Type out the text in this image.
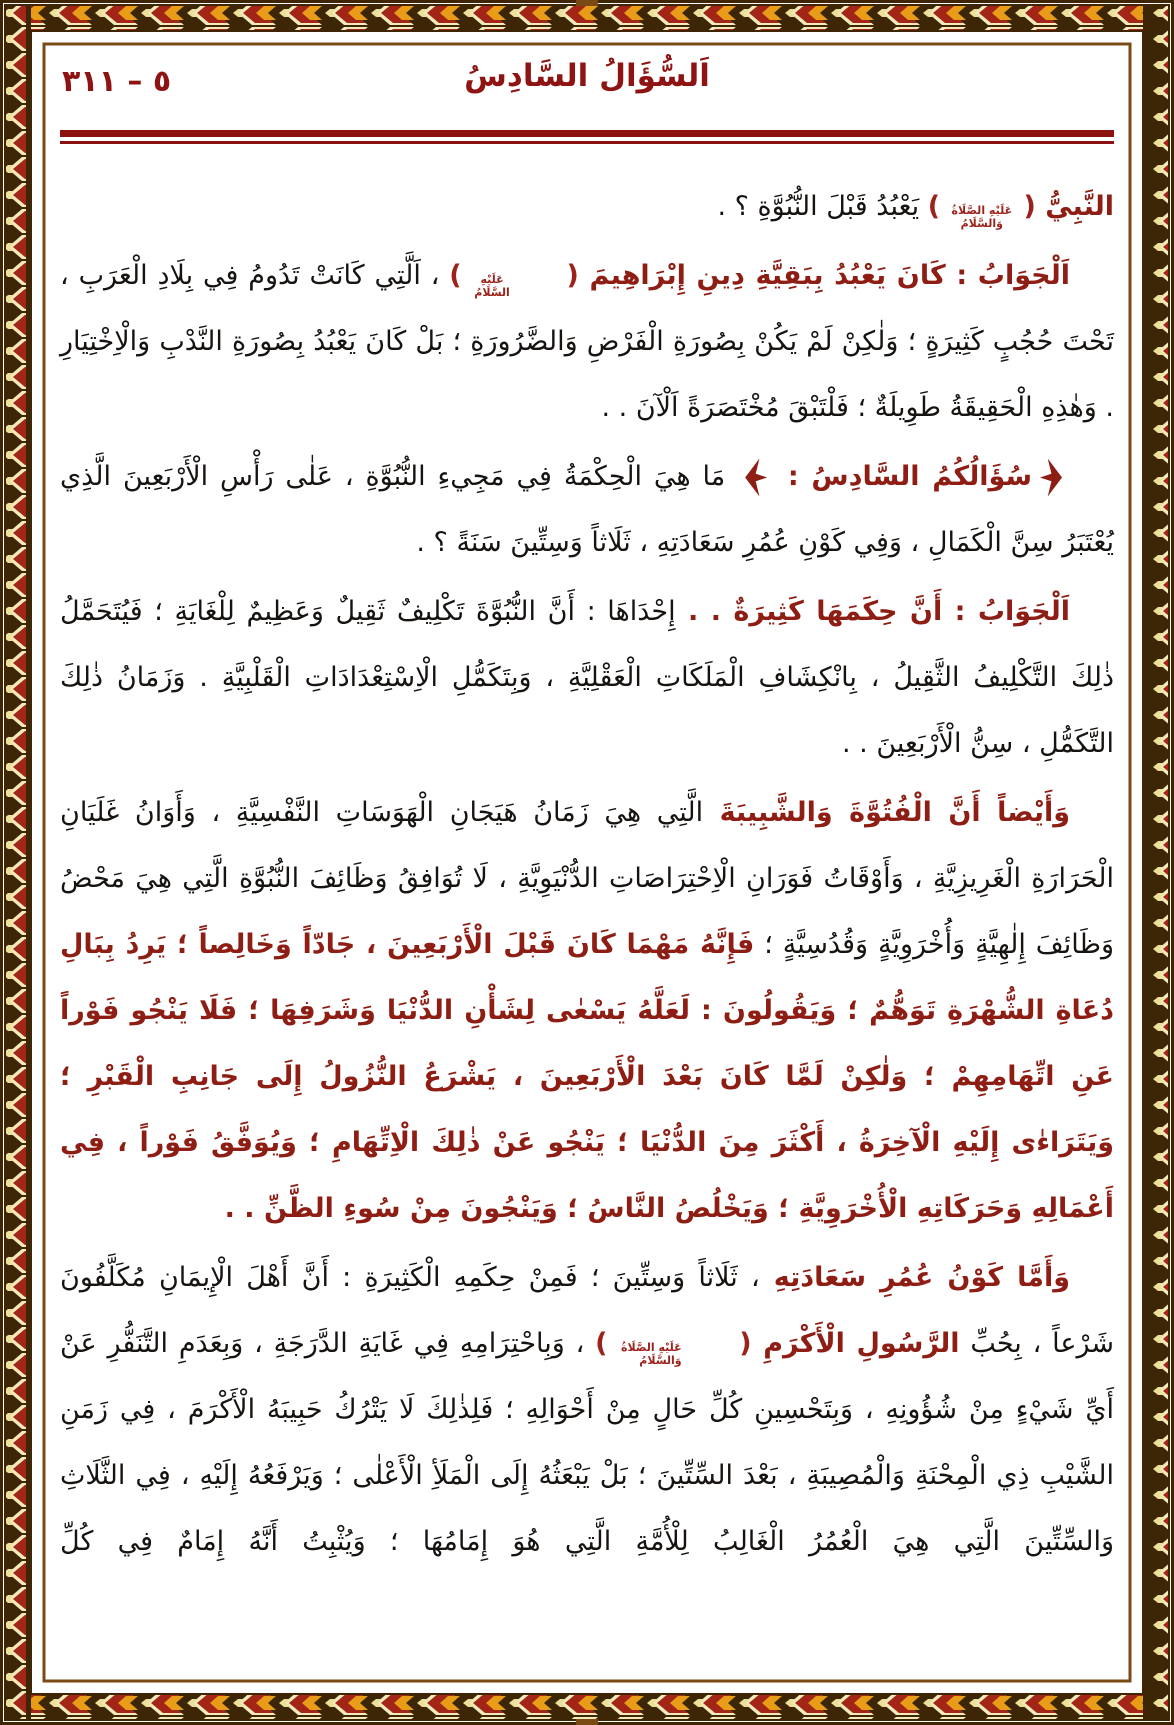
٥ – ٣١١	اَلسُّؤَالُ السَّادِسُ

النَّبِيُّ (
عَلَيْهِ الصَّلَاةُ
وَالسَّلَامُ
) يَعْبُدُ قَبْلَ النُّبُوَّةِ ؟ .

اَلْجَوَابُ : كَانَ يَعْبُدُ بِبَقِيَّةِ دِينِ إِبْرَاهِيمَ (
عَلَيْهِ
السَّلَامُ
) ، اَلَّتِي كَانَتْ تَدُومُ فِي بِلَادِ الْعَرَبِ ، تَحْتَ حُجُبٍ كَثِيرَةٍ ؛ وَلٰكِنْ لَمْ يَكُنْ بِصُورَةِ الْفَرْضِ وَالضَّرُورَةِ ؛ بَلْ كَانَ يَعْبُدُ بِصُورَةِ النَّدْبِ وَالْاِخْتِيَارِ . وَهٰذِهِ الْحَقِيقَةُ طَوِيلَةٌ ؛ فَلْتَبْقَ مُخْتَصَرَةً اَلْآنَ . .

سُؤَالُكُمُ السَّادِسُ :  مَا هِيَ الْحِكْمَةُ فِي مَجِيءِ النُّبُوَّةِ ، عَلٰى رَأْسِ الْأَرْبَعِينَ الَّذِي يُعْتَبَرُ سِنَّ الْكَمَالِ ، وَفِي كَوْنِ عُمُرِ سَعَادَتِهِ ، ثَلَاثاً وَسِتِّينَ سَنَةً ؟ .

اَلْجَوَابُ : أَنَّ حِكَمَهَا كَثِيرَةٌ . . إِحْدَاهَا : أَنَّ النُّبُوَّةَ تَكْلِيفٌ ثَقِيلٌ وَعَظِيمٌ لِلْغَايَةِ ؛ فَيُتَحَمَّلُ ذٰلِكَ التَّكْلِيفُ الثَّقِيلُ ، بِانْكِشَافِ الْمَلَكَاتِ الْعَقْلِيَّةِ ، وَبِتَكَمُّلِ الْاِسْتِعْدَادَاتِ الْقَلْبِيَّةِ . وَزَمَانُ ذٰلِكَ التَّكَمُّلِ ، سِنُّ الْأَرْبَعِينَ . .

وَأَيْضاً أَنَّ الْفُتُوَّةَ وَالشَّبِيبَةَ الَّتِي هِيَ زَمَانُ هَيَجَانِ الْهَوَسَاتِ النَّفْسِيَّةِ ، وَأَوَانُ غَلَيَانِ الْحَرَارَةِ الْغَرِيزِيَّةِ ، وَأَوْقَاتُ فَوَرَانِ الْاِحْتِرَاصَاتِ الدُّنْيَوِيَّةِ ، لَا تُوَافِقُ وَظَائِفَ النُّبُوَّةِ الَّتِي هِيَ مَحْضُ وَظَائِفَ إِلٰهِيَّةٍ وَأُخْرَوِيَّةٍ وَقُدُسِيَّةٍ ؛ فَإِنَّهُ مَهْمَا كَانَ قَبْلَ الْأَرْبَعِينَ ، جَادّاً وَخَالِصاً ؛ يَرِدُ بِبَالِ دُعَاةِ الشُّهْرَةِ تَوَهُّمٌ ؛ وَيَقُولُونَ : لَعَلَّهُ يَسْعٰى لِشَأْنِ الدُّنْيَا وَشَرَفِهَا ؛ فَلَا يَنْجُو فَوْراً عَنِ اتِّهَامِهِمْ ؛ وَلٰكِنْ لَمَّا كَانَ بَعْدَ الْأَرْبَعِينَ ، يَشْرَعُ النُّزُولُ إِلَى جَانِبِ الْقَبْرِ ؛ وَيَتَرَاءٰى إِلَيْهِ الْآخِرَةُ ، أَكْثَرَ مِنَ الدُّنْيَا ؛ يَنْجُو عَنْ ذٰلِكَ الْاِتِّهَامِ ؛ وَيُوَفَّقُ فَوْراً ، فِي أَعْمَالِهِ وَحَرَكَاتِهِ الْأُخْرَوِيَّةِ ؛ وَيَخْلُصُ النَّاسُ ؛ وَيَنْجُونَ مِنْ سُوءِ الظَّنِّ . .

وَأَمَّا كَوْنُ عُمُرِ سَعَادَتِهِ ، ثَلَاثاً وَسِتِّينَ ؛ فَمِنْ حِكَمِهِ الْكَثِيرَةِ : أَنَّ أَهْلَ الْإِيمَانِ مُكَلَّفُونَ شَرْعاً ، بِحُبِّ الرَّسُولِ الْأَكْرَمِ (
عَلَيْهِ الصَّلَاةُ
وَالسَّلَامُ
) ، وَبِاحْتِرَامِهِ فِي غَايَةِ الدَّرَجَةِ ، وَبِعَدَمِ التَّنَفُّرِ عَنْ أَيِّ شَيْءٍ مِنْ شُؤُونِهِ ، وَبِتَحْسِينِ كُلِّ حَالٍ مِنْ أَحْوَالِهِ ؛ فَلِذٰلِكَ لَا يَتْرُكُ حَبِيبَهُ الْأَكْرَمَ ، فِي زَمَنِ الشَّيْبِ ذِي الْمِحْنَةِ وَالْمُصِيبَةِ ، بَعْدَ السِّتِّينَ ؛ بَلْ يَبْعَثُهُ إِلَى الْمَلَأِ الْأَعْلٰى ؛ وَيَرْفَعُهُ إِلَيْهِ ، فِي الثَّلَاثِ وَالسِّتِّينَ الَّتِي هِيَ الْعُمُرُ الْغَالِبُ لِلْأُمَّةِ الَّتِي هُوَ إِمَامُهَا ؛ وَيُثْبِتُ أَنَّهُ إِمَامٌ فِي كُلِّ
